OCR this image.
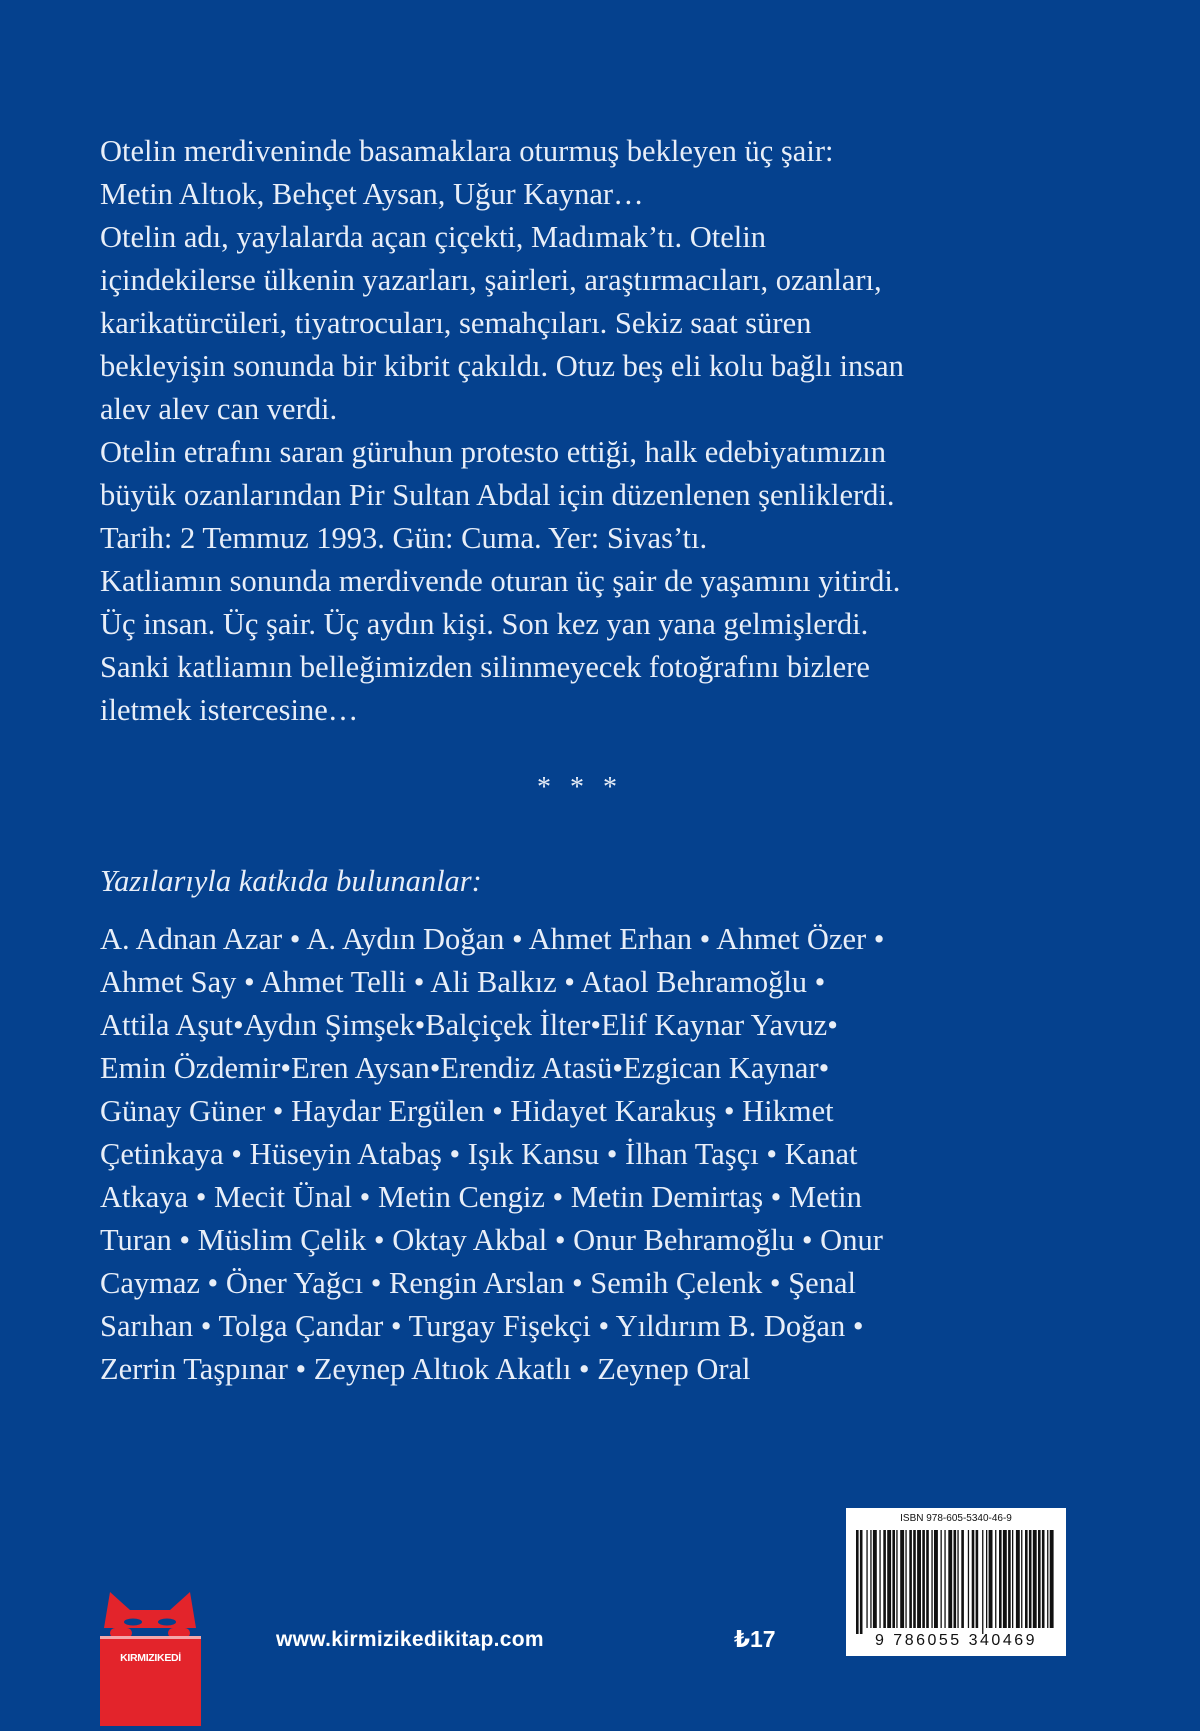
Otelin merdiveninde basamaklara oturmuş bekleyen üç şair:
Metin Altıok, Behçet Aysan, Uğur Kaynar…
Otelin adı, yaylalarda açan çiçekti, Madımak’tı. Otelin
içindekilerse ülkenin yazarları, şairleri, araştırmacıları, ozanları,
karikatürcüleri, tiyatrocuları, semahçıları. Sekiz saat süren
bekleyişin sonunda bir kibrit çakıldı. Otuz beş eli kolu bağlı insan
alev alev can verdi.
Otelin etrafını saran güruhun protesto ettiği, halk edebiyatımızın
büyük ozanlarından Pir Sultan Abdal için düzenlenen şenliklerdi.
Tarih: 2 Temmuz 1993. Gün: Cuma. Yer: Sivas’tı.
Katliamın sonunda merdivende oturan üç şair de yaşamını yitirdi.
Üç insan. Üç şair. Üç aydın kişi. Son kez yan yana gelmişlerdi.
Sanki katliamın belleğimizden silinmeyecek fotoğrafını bizlere
iletmek istercesine…
* * *
Yazılarıyla katkıda bulunanlar:
A. Adnan Azar • A. Aydın Doğan • Ahmet Erhan • Ahmet Özer •
Ahmet Say • Ahmet Telli • Ali Balkız • Ataol Behramoğlu •
Attila Aşut•Aydın Şimşek•Balçiçek İlter•Elif Kaynar Yavuz•
Emin Özdemir•Eren Aysan•Erendiz Atasü•Ezgican Kaynar•
Günay Güner • Haydar Ergülen • Hidayet Karakuş • Hikmet
Çetinkaya • Hüseyin Atabaş • Işık Kansu • İlhan Taşçı • Kanat
Atkaya • Mecit Ünal • Metin Cengiz • Metin Demirtaş • Metin
Turan • Müslim Çelik • Oktay Akbal • Onur Behramoğlu • Onur
Caymaz • Öner Yağcı • Rengin Arslan • Semih Çelenk • Şenal
Sarıhan • Tolga Çandar • Turgay Fişekçi • Yıldırım B. Doğan •
Zerrin Taşpınar • Zeynep Altıok Akatlı • Zeynep Oral
KIRMIZIKEDİ
www.kirmizikedikitap.com	₺17
ISBN 978-605-5340-46-9
9 786055 340469
